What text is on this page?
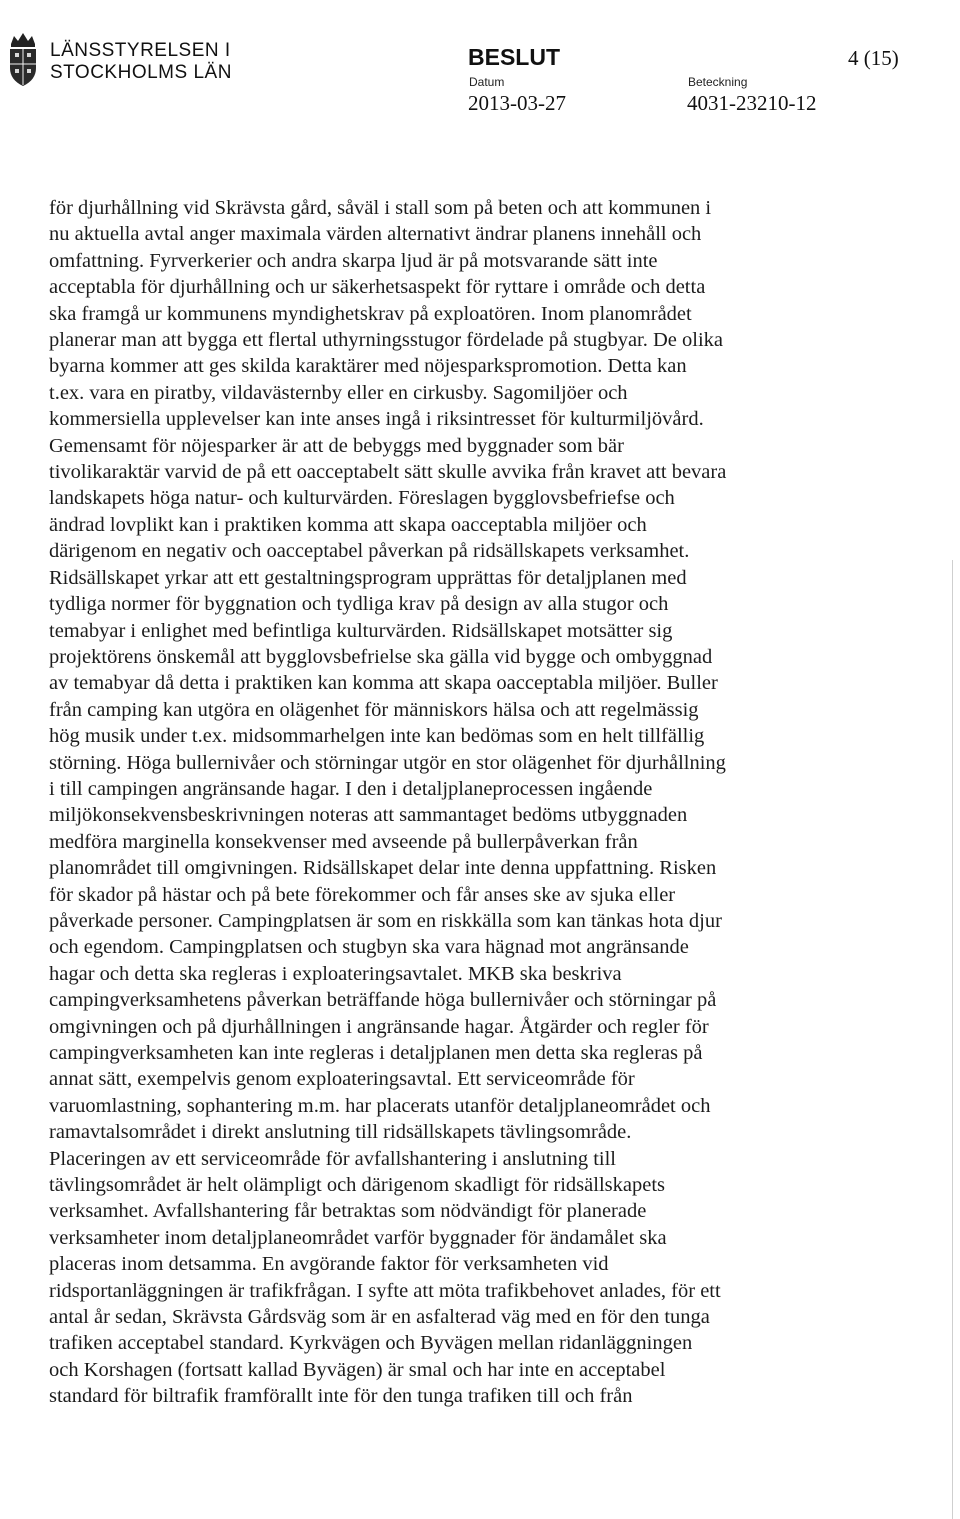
LÄNSSTYRELSEN I
STOCKHOLMS LÄN
BESLUT	4 (15)
Datum
2013-03-27
Beteckning
4031-23210-12
för djurhållning vid Skrävsta gård, såväl i stall som på beten och att kommunen i
nu aktuella avtal anger maximala värden alternativt ändrar planens innehåll och
omfattning. Fyrverkerier och andra skarpa ljud är på motsvarande sätt inte
acceptabla för djurhållning och ur säkerhetsaspekt för ryttare i område och detta
ska framgå ur kommunens myndighetskrav på exploatören. Inom planområdet
planerar man att bygga ett flertal uthyrningsstugor fördelade på stugbyar. De olika
byarna kommer att ges skilda karaktärer med nöjesparkspromotion. Detta kan
t.ex. vara en piratby, vildavästernby eller en cirkusby. Sagomiljöer och
kommersiella upplevelser kan inte anses ingå i riksintresset för kulturmiljövård.
Gemensamt för nöjesparker är att de bebyggs med byggnader som bär
tivolikaraktär varvid de på ett oacceptabelt sätt skulle avvika från kravet att bevara
landskapets höga natur- och kulturvärden. Föreslagen bygglovsbefriefse och
ändrad lovplikt kan i praktiken komma att skapa oacceptabla miljöer och
därigenom en negativ och oacceptabel påverkan på ridsällskapets verksamhet.
Ridsällskapet yrkar att ett gestaltningsprogram upprättas för detaljplanen med
tydliga normer för byggnation och tydliga krav på design av alla stugor och
temabyar i enlighet med befintliga kulturvärden. Ridsällskapet motsätter sig
projektörens önskemål att bygglovsbefrielse ska gälla vid bygge och ombyggnad
av temabyar då detta i praktiken kan komma att skapa oacceptabla miljöer. Buller
från camping kan utgöra en olägenhet för människors hälsa och att regelmässig
hög musik under t.ex. midsommarhelgen inte kan bedömas som en helt tillfällig
störning. Höga bullernivåer och störningar utgör en stor olägenhet för djurhållning
i till campingen angränsande hagar. I den i detaljplaneprocessen ingående
miljökonsekvensbeskrivningen noteras att sammantaget bedöms utbyggnaden
medföra marginella konsekvenser med avseende på bullerpåverkan från
planområdet till omgivningen. Ridsällskapet delar inte denna uppfattning. Risken
för skador på hästar och på bete förekommer och får anses ske av sjuka eller
påverkade personer. Campingplatsen är som en riskkälla som kan tänkas hota djur
och egendom. Campingplatsen och stugbyn ska vara hägnad mot angränsande
hagar och detta ska regleras i exploateringsavtalet. MKB ska beskriva
campingverksamhetens påverkan beträffande höga bullernivåer och störningar på
omgivningen och på djurhållningen i angränsande hagar. Åtgärder och regler för
campingverksamheten kan inte regleras i detaljplanen men detta ska regleras på
annat sätt, exempelvis genom exploateringsavtal. Ett serviceområde för
varuomlastning, sophantering m.m. har placerats utanför detaljplaneområdet och
ramavtalsområdet i direkt anslutning till ridsällskapets tävlingsområde.
Placeringen av ett serviceområde för avfallshantering i anslutning till
tävlingsområdet är helt olämpligt och därigenom skadligt för ridsällskapets
verksamhet. Avfallshantering får betraktas som nödvändigt för planerade
verksamheter inom detaljplaneområdet varför byggnader för ändamålet ska
placeras inom detsamma. En avgörande faktor för verksamheten vid
ridsportanläggningen är trafikfrågan. I syfte att möta trafikbehovet anlades, för ett
antal år sedan, Skrävsta Gårdsväg som är en asfalterad väg med en för den tunga
trafiken acceptabel standard. Kyrkvägen och Byvägen mellan ridanläggningen
och Korshagen (fortsatt kallad Byvägen) är smal och har inte en acceptabel
standard för biltrafik framförallt inte för den tunga trafiken till och från
